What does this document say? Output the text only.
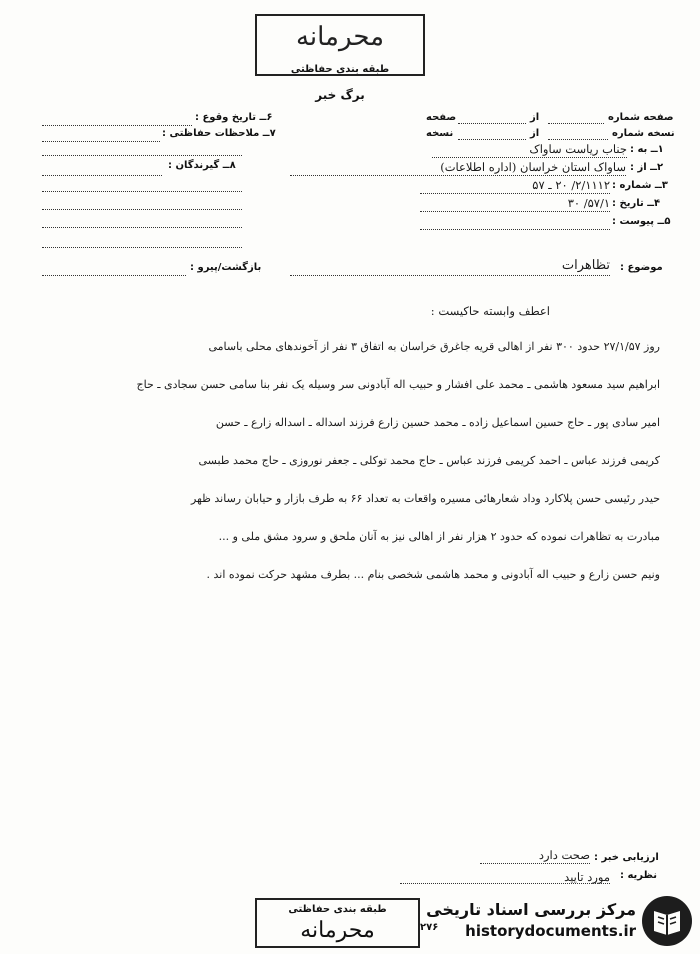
محرمانه
طبقه بندی حفاظتی
برگ خبر
۶ــ تاریخ وقوع :
۷ــ ملاحظات حفاظتی :
۸ــ گیرندگان :
بازگشت/پیرو :
صفحه شماره
از
صفحه
نسخه شماره
از
نسخه
۱ــ به :
جناب ریاست ساواک
۲ــ از :
ساواک استان خراسان (اداره اطلاعات)
۳ــ شماره :
۲/۱۱۱۲/ ۲۰ ـ ۵۷
۴ــ تاریخ :
۵۷/۱/ ۳۰
۵ــ پیوست :
موضوع :
تظاهرات
اعطف وابسته حاکیست :
روز ۲۷/۱/۵۷ حدود ۳۰۰ نفر از اهالی قریه جاغرق خراسان به اتفاق ۳ نفر از آخوندهای محلی باسامی
ابراهیم سید مسعود هاشمی ـ محمد علی افشار و حبیب اله آبادونی سر وسیله یک نفر بنا سامی حسن سجادی ـ حاج
امیر سادی پور ـ حاج حسین اسماعیل زاده ـ محمد حسین زارع فرزند اسداله ـ اسداله زارع ـ حسن
کریمی فرزند عباس ـ احمد کریمی فرزند عباس ـ حاج محمد توکلی ـ جعفر نوروزی ـ حاج محمد طبسی
حیدر رئیسی حسن پلاکارد وداد شعارهائی مسیره واقعات به تعداد ۶۶ به طرف بازار و حیابان رساند ظهر
مبادرت به تظاهرات نموده که حدود ۲ هزار نفر از اهالی نیز به آنان ملحق و سرود مشق ملی و ...
ونیم حسن زارع و حبیب اله آبادونی و محمد هاشمی شخصی بنام ... بطرف مشهد حرکت نموده اند .
ارزیابی خبر :
صحت دارد
نظریه :
مورد تایید
طبقه بندی حفاظتی
محرمانه	۲۷۶
مرکز بررسی اسناد تاریخی
historydocuments.ir
